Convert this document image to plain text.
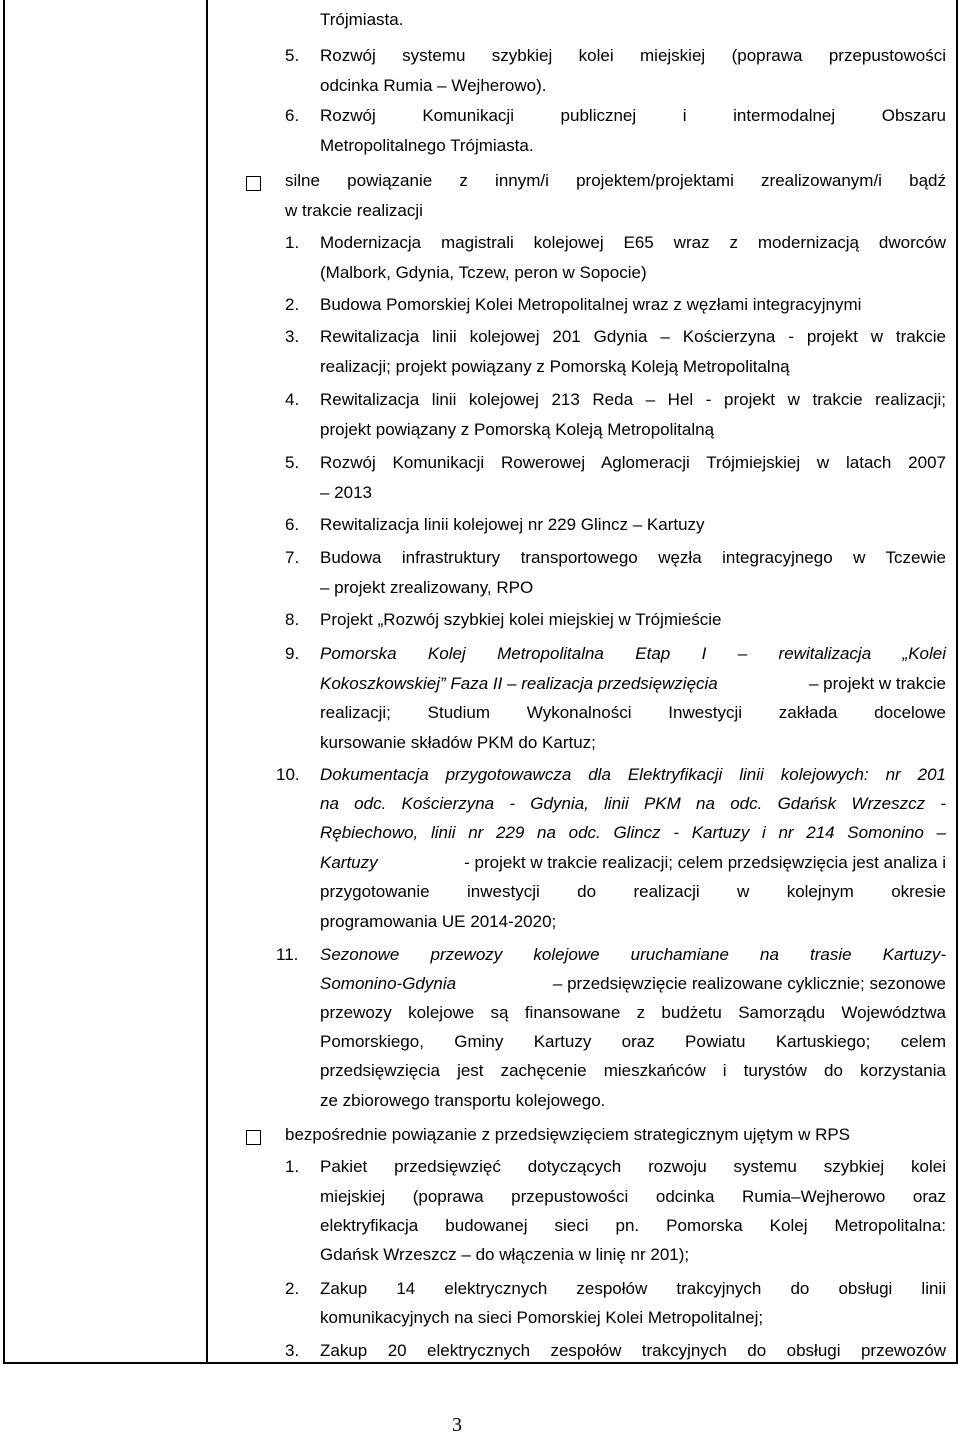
Trójmiasta.
5. Rozwój systemu szybkiej kolei miejskiej (poprawa przepustowości
odcinka Rumia – Wejherowo).
6. Rozwój Komunikacji publicznej i intermodalnej Obszaru
Metropolitalnego Trójmiasta.
silne powiązanie z innym/i projektem/projektami zrealizowanym/i bądź
w trakcie realizacji
1. Modernizacja magistrali kolejowej E65 wraz z modernizacją dworców
(Malbork, Gdynia, Tczew, peron w Sopocie)
2. Budowa Pomorskiej Kolei Metropolitalnej wraz z węzłami integracyjnymi
3. Rewitalizacja linii kolejowej 201 Gdynia – Kościerzyna - projekt w trakcie
realizacji; projekt powiązany z Pomorską Koleją Metropolitalną
4. Rewitalizacja linii kolejowej 213 Reda – Hel - projekt w trakcie realizacji;
projekt powiązany z Pomorską Koleją Metropolitalną
5. Rozwój Komunikacji Rowerowej Aglomeracji Trójmiejskiej w latach 2007
– 2013
6. Rewitalizacja linii kolejowej nr 229 Glincz – Kartuzy
7. Budowa infrastruktury transportowego węzła integracyjnego w Tczewie
– projekt zrealizowany, RPO
8. Projekt „Rozwój szybkiej kolei miejskiej w Trójmieście
9. Pomorska Kolej Metropolitalna Etap I – rewitalizacja „Kolei
Kokoszkowskiej” Faza II – realizacja przedsięwzięcia	– projekt w trakcie
realizacji; Studium Wykonalności Inwestycji zakłada docelowe
kursowanie składów PKM do Kartuz;
10. Dokumentacja przygotowawcza dla Elektryfikacji linii kolejowych: nr 201
na odc. Kościerzyna - Gdynia, linii PKM na odc. Gdańsk Wrzeszcz -
Rębiechowo, linii nr 229 na odc. Glincz - Kartuzy i nr 214 Somonino –
Kartuzy	- projekt w trakcie realizacji; celem przedsięwzięcia jest analiza i
przygotowanie inwestycji do realizacji w kolejnym okresie
programowania UE 2014-2020;
11. Sezonowe przewozy kolejowe uruchamiane na trasie Kartuzy-
Somonino-Gdynia	– przedsięwzięcie realizowane cyklicznie; sezonowe
przewozy kolejowe są finansowane z budżetu Samorządu Województwa
Pomorskiego, Gminy Kartuzy oraz Powiatu Kartuskiego; celem
przedsięwzięcia jest zachęcenie mieszkańców i turystów do korzystania
ze zbiorowego transportu kolejowego.
bezpośrednie powiązanie z przedsięwzięciem strategicznym ujętym w RPS
1. Pakiet przedsięwzięć dotyczących rozwoju systemu szybkiej kolei
miejskiej (poprawa przepustowości odcinka Rumia–Wejherowo oraz
elektryfikacja budowanej sieci pn. Pomorska Kolej Metropolitalna:
Gdańsk Wrzeszcz – do włączenia w linię nr 201);
2. Zakup 14 elektrycznych zespołów trakcyjnych do obsługi linii
komunikacyjnych na sieci Pomorskiej Kolei Metropolitalnej;
3. Zakup 20 elektrycznych zespołów trakcyjnych do obsługi przewozów
3
